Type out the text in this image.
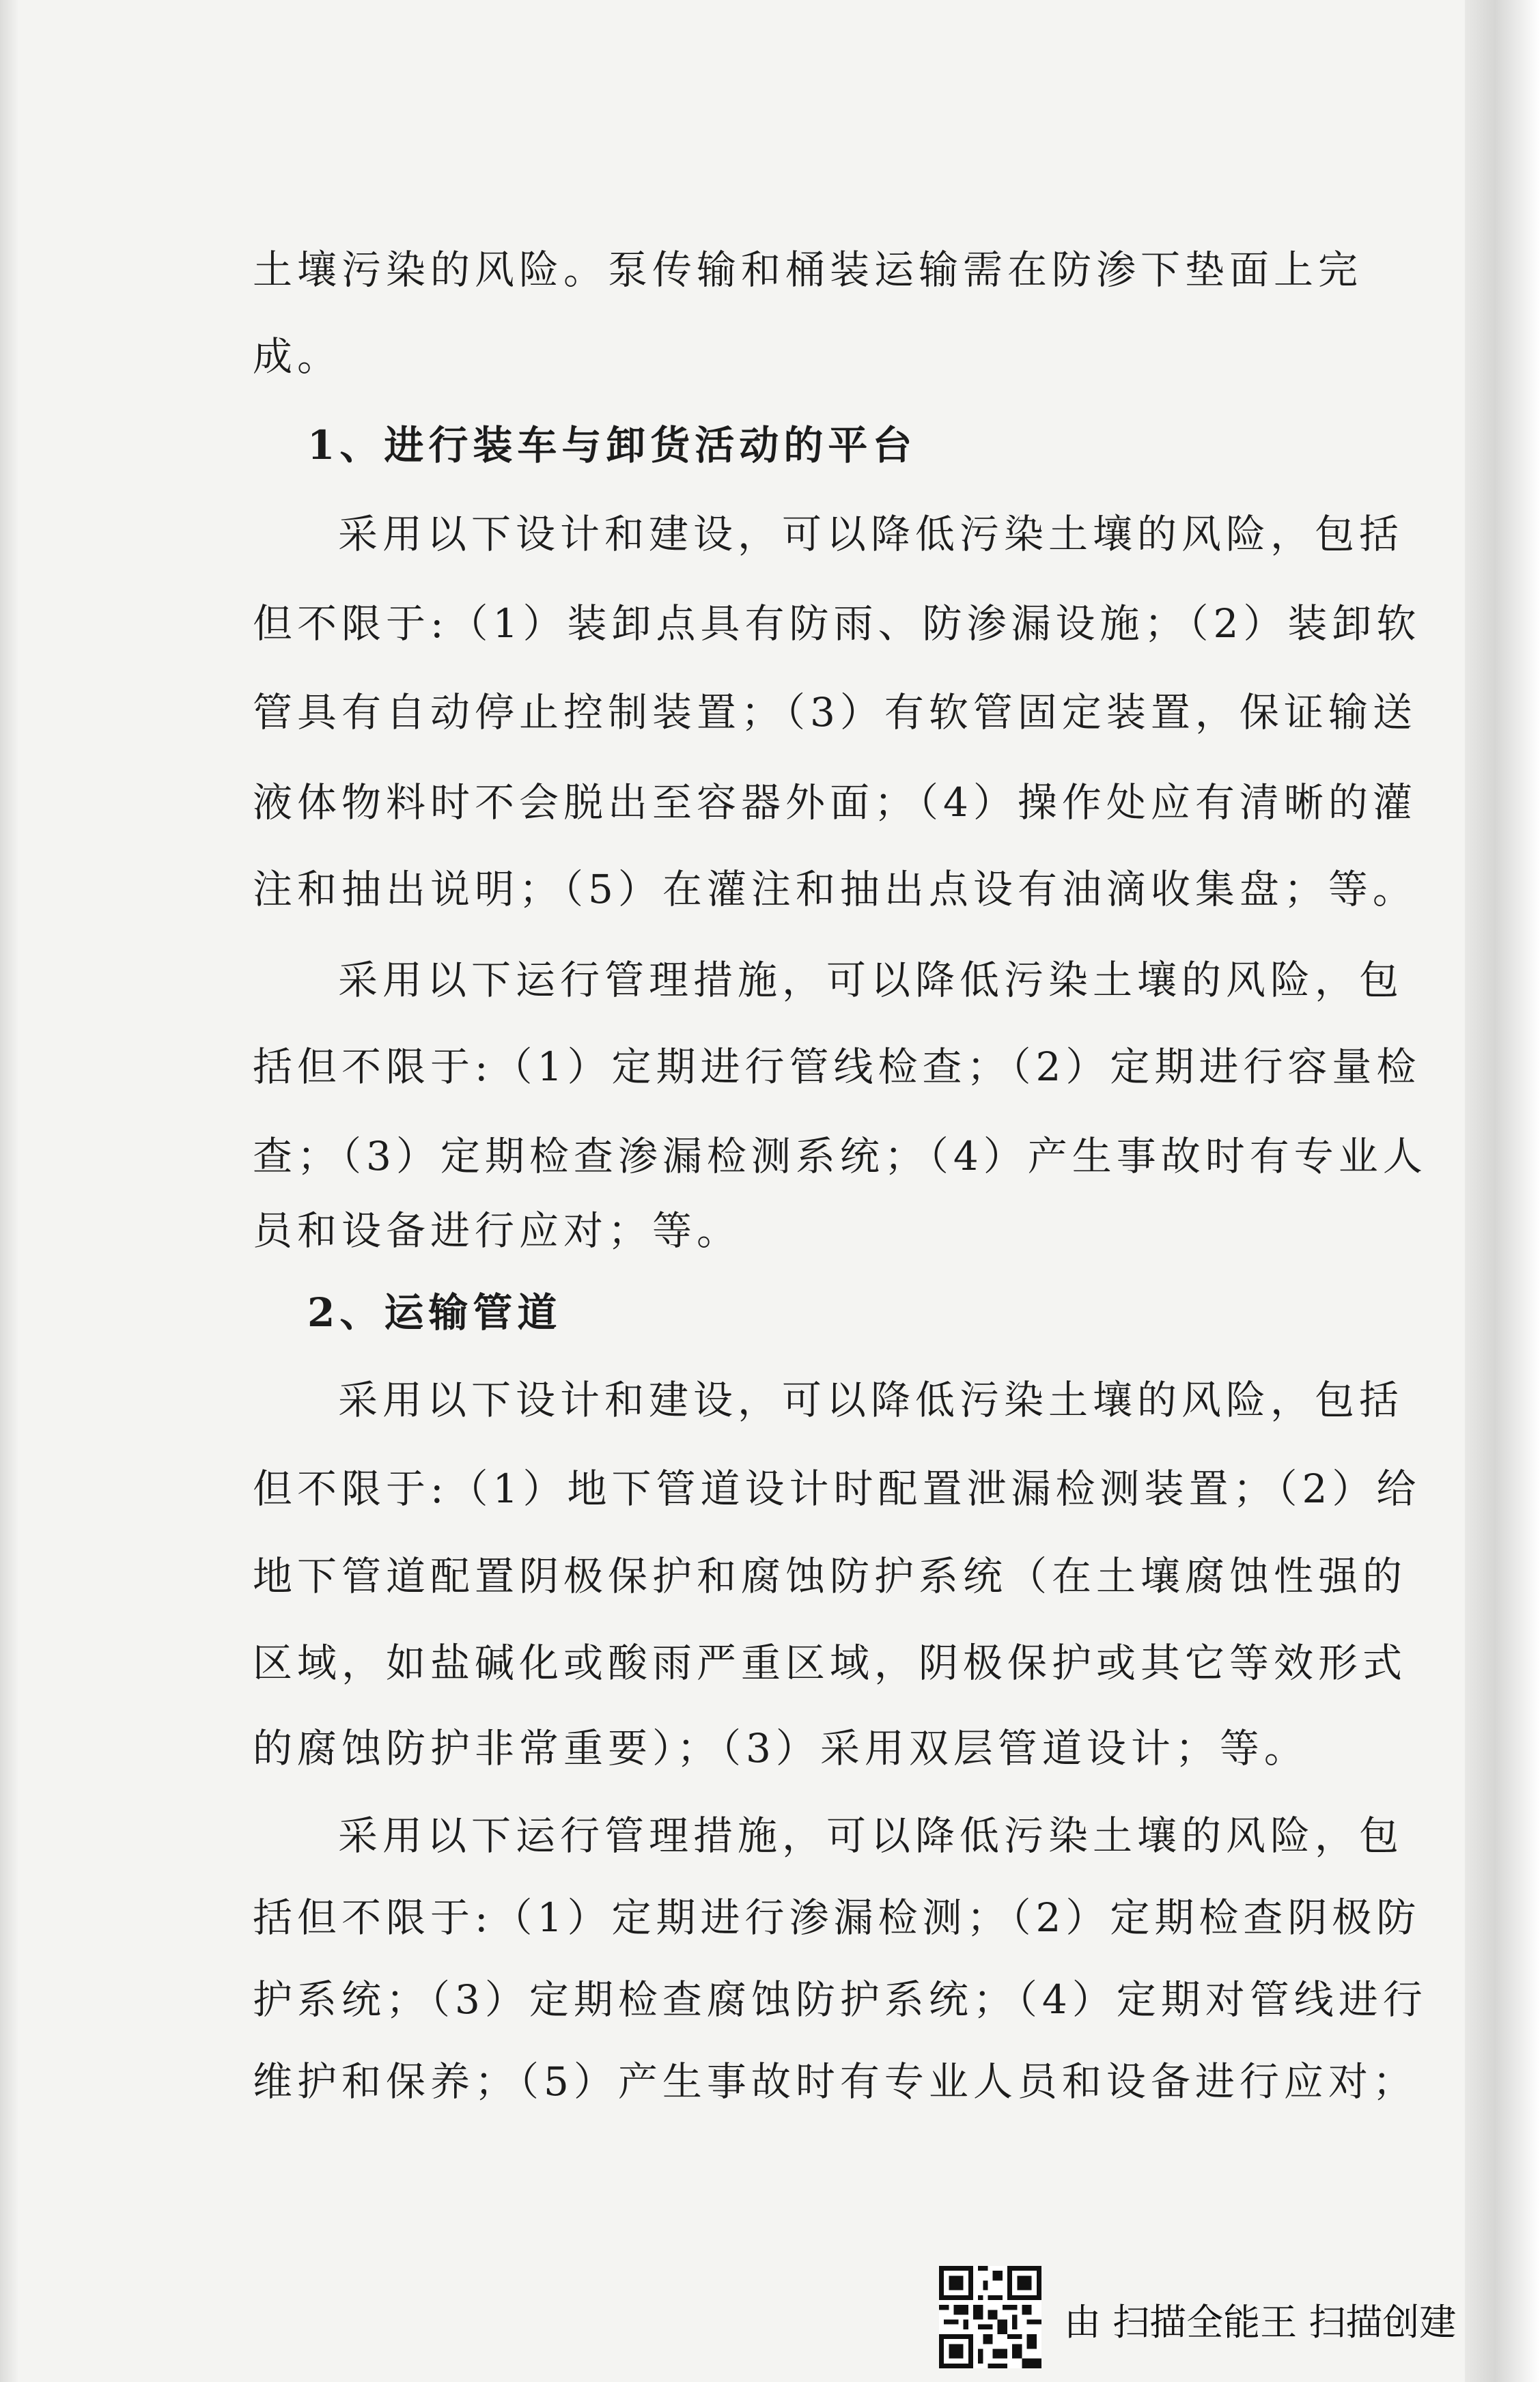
土壤污染的风险。泵传输和桶装运输需在防渗下垫面上完
成。
1、进行装车与卸货活动的平台
采用以下设计和建设，可以降低污染土壤的风险，包括
但不限于:（1）装卸点具有防雨、防渗漏设施；（2）装卸软
管具有自动停止控制装置；（3）有软管固定装置，保证输送
液体物料时不会脱出至容器外面；（4）操作处应有清晰的灌
注和抽出说明；（5）在灌注和抽出点设有油滴收集盘；等。
采用以下运行管理措施，可以降低污染土壤的风险，包
括但不限于:（1）定期进行管线检查；（2）定期进行容量检
查；（3）定期检查渗漏检测系统；（4）产生事故时有专业人
员和设备进行应对；等。
2、运输管道
采用以下设计和建设，可以降低污染土壤的风险，包括
但不限于:（1）地下管道设计时配置泄漏检测装置；（2）给
地下管道配置阴极保护和腐蚀防护系统（在土壤腐蚀性强的
区域，如盐碱化或酸雨严重区域，阴极保护或其它等效形式
的腐蚀防护非常重要）；（3）采用双层管道设计；等。
采用以下运行管理措施，可以降低污染土壤的风险，包
括但不限于:（1）定期进行渗漏检测；（2）定期检查阴极防
护系统；（3）定期检查腐蚀防护系统；（4）定期对管线进行
维护和保养；（5）产生事故时有专业人员和设备进行应对；
由 扫描全能王 扫描创建
